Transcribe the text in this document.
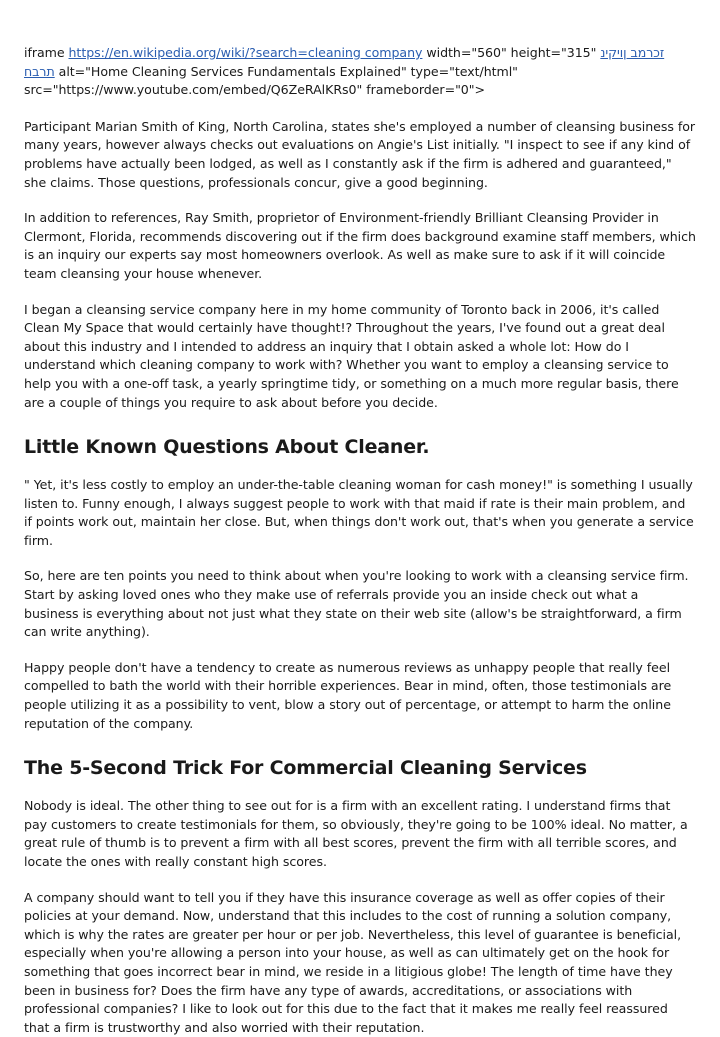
iframe https://en.wikipedia.org/wiki/?search=cleaning company width="560" height="315" זכרמב ןויקינ תרבח alt="Home Cleaning Services Fundamentals Explained" type="text/html" src="https://www.youtube.com/embed/Q6ZeRAlKRs0" frameborder="0">

Participant Marian Smith of King, North Carolina, states she's employed a number of cleansing business for many years, however always checks out evaluations on Angie's List initially. "I inspect to see if any kind of problems have actually been lodged, as well as I constantly ask if the firm is adhered and guaranteed," she claims. Those questions, professionals concur, give a good beginning.

In addition to references, Ray Smith, proprietor of Environment-friendly Brilliant Cleansing Provider in Clermont, Florida, recommends discovering out if the firm does background examine staff members, which is an inquiry our experts say most homeowners overlook. As well as make sure to ask if it will coincide team cleansing your house whenever.

I began a cleansing service company here in my home community of Toronto back in 2006, it's called Clean My Space that would certainly have thought!? Throughout the years, I've found out a great deal about this industry and I intended to address an inquiry that I obtain asked a whole lot: How do I understand which cleaning company to work with? Whether you want to employ a cleansing service to help you with a one-off task, a yearly springtime tidy, or something on a much more regular basis, there are a couple of things you require to ask about before you decide.

Little Known Questions About Cleaner.

" Yet, it's less costly to employ an under-the-table cleaning woman for cash money!" is something I usually listen to. Funny enough, I always suggest people to work with that maid if rate is their main problem, and if points work out, maintain her close. But, when things don't work out, that's when you generate a service firm.

So, here are ten points you need to think about when you're looking to work with a cleansing service firm. Start by asking loved ones who they make use of referrals provide you an inside check out what a business is everything about not just what they state on their web site (allow's be straightforward, a firm can write anything).

Happy people don't have a tendency to create as numerous reviews as unhappy people that really feel compelled to bath the world with their horrible experiences. Bear in mind, often, those testimonials are people utilizing it as a possibility to vent, blow a story out of percentage, or attempt to harm the online reputation of the company.

The 5-Second Trick For Commercial Cleaning Services

Nobody is ideal. The other thing to see out for is a firm with an excellent rating. I understand firms that pay customers to create testimonials for them, so obviously, they're going to be 100% ideal. No matter, a great rule of thumb is to prevent a firm with all best scores, prevent the firm with all terrible scores, and locate the ones with really constant high scores.

A company should want to tell you if they have this insurance coverage as well as offer copies of their policies at your demand. Now, understand that this includes to the cost of running a solution company, which is why the rates are greater per hour or per job. Nevertheless, this level of guarantee is beneficial, especially when you're allowing a person into your house, as well as can ultimately get on the hook for something that goes incorrect bear in mind, we reside in a litigious globe! The length of time have they been in business for? Does the firm have any type of awards, accreditations, or associations with professional companies? I like to look out for this due to the fact that it makes me really feel reassured that a firm is trustworthy and also worried with their reputation.
